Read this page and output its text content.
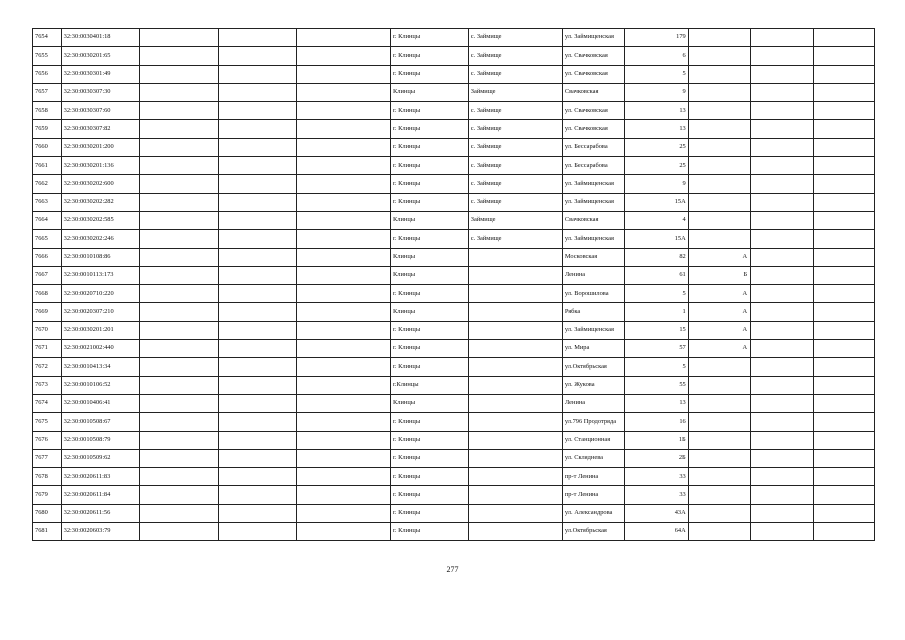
7654	32:30:0030401:18				г. Клинцы	с. Займище	ул. Займищенская	179			
7655	32:30:0030201:65				г. Клинцы	с. Займище	ул. Свачковская	6			
7656	32:30:0030301:49				г. Клинцы	с. Займище	ул. Свачковская	5			
7657	32:30:0030307:30				Клинцы	Займище	Свачковская	9			
7658	32:30:0030307:60				г. Клинцы	с. Займище	ул. Свачковская	13			
7659	32:30:0030307:82				г. Клинцы	с. Займище	ул. Свачковская	13			
7660	32:30:0030201:200				г. Клинцы	с. Займище	ул. Бессарабова	25			
7661	32:30:0030201:136				г. Клинцы	с. Займище	ул. Бессарабова	25			
7662	32:30:0030202:600				г. Клинцы	с. Займище	ул. Займищенская	9			
7663	32:30:0030202:282				г. Клинцы	с. Займище	ул. Займищенская	15А			
7664	32:30:0030202:585				Клинцы	Займище	Свачковская	4			
7665	32:30:0030202:246				г. Клинцы	с. Займище	ул. Займищенская	15А			
7666	32:30:0010108:86				Клинцы		Московская	82	А		
7667	32:30:0010113:173				Клинцы		Ленина	61	Б		
7668	32:30:0020710:220				г. Клинцы		ул. Ворошилова	5	А		
7669	32:30:0020307:210				Клинцы		Рябка	1	А		
7670	32:30:0030201:201				г. Клинцы		ул. Займищенская	15	А		
7671	32:30:0021002:440				г. Клинцы		ул. Мира	57	А		
7672	32:30:0010413:34				г. Клинцы		ул.Октябрьская	5			
7673	32:30:0010106:52				г.Клинцы		ул. Жукова	55			
7674	32:30:0010406:41				Клинцы		Ленина	13			
7675	32:30:0010508:67				г. Клинцы		ул.796 Продотряда	16			
7676	32:30:0010508:79				г. Клинцы		ул. Станционная	1Б			
7677	32:30:0010509:62				г. Клинцы		ул. Скляднева	2Б			
7678	32:30:0020611:83				г. Клинцы		пр-т Ленина	33			
7679	32:30:0020611:84				г. Клинцы		пр-т Ленина	33			
7680	32:30:0020611:56				г. Клинцы		ул. Александрова	43А			
7681	32:30:0020603:79				г. Клинцы		ул.Октябрьская	64А			
277
